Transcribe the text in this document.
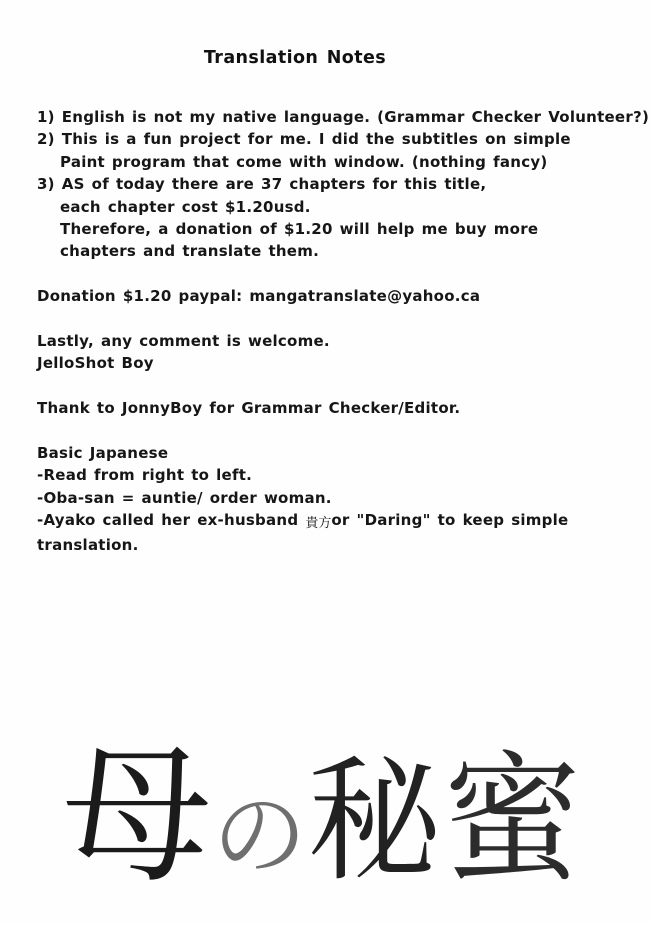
Translation Notes
1) English is not my native language. (Grammar Checker Volunteer?)
2) This is a fun project for me. I did the subtitles on simple
Paint program that come with window. (nothing fancy)
3) AS of today there are 37 chapters for this title,
each chapter cost $1.20usd.
Therefore, a donation of $1.20 will help me buy more
chapters and translate them.
Donation $1.20 paypal: mangatranslate@yahoo.ca
Lastly, any comment is welcome.
JelloShot Boy
Thank to JonnyBoy for Grammar Checker/Editor.
Basic Japanese
-Read from right to left.
-Oba-san = auntie/ order woman.
-Ayako called her ex-husband 貴方or "Daring" to keep simple
translation.
母の秘蜜
